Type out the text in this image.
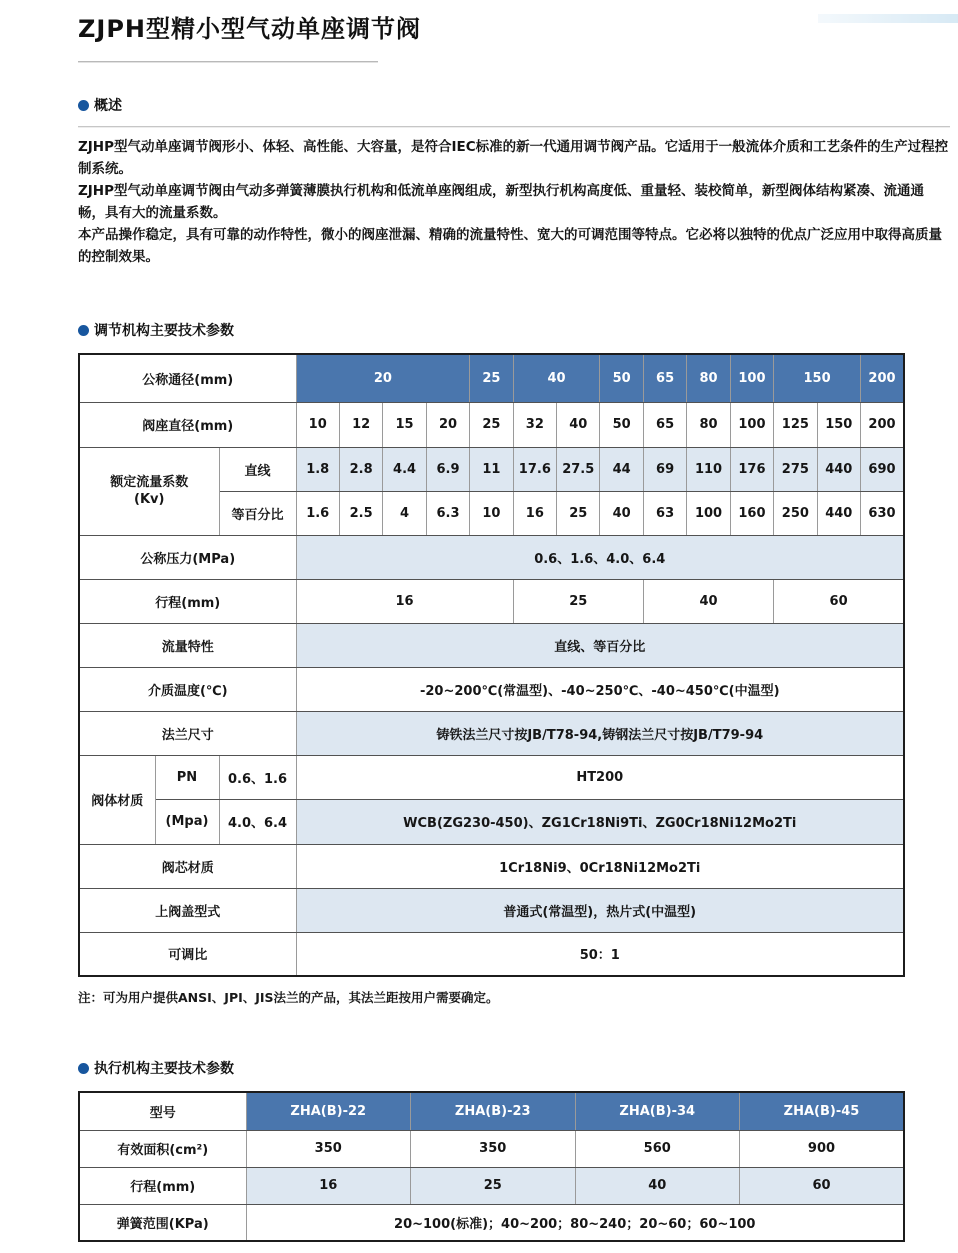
ZJPH型精小型气动单座调节阀
概述

ZJHP型气动单座调节阀形小、体轻、高性能、大容量，是符合IEC标准的新一代通用调节阀产品。它适用于一般流体介质和工艺条件的生产过程控制系统。

ZJHP型气动单座调节阀由气动多弹簧薄膜执行机构和低流单座阀组成，新型执行机构高度低、重量轻、装校简单，新型阀体结构紧凑、流通通畅，具有大的流量系数。

本产品操作稳定，具有可靠的动作特性，微小的阀座泄漏、精确的流量特性、宽大的可调范围等特点。它必将以独特的优点广泛应用中取得高质量的控制效果。

调节机构主要技术参数
公称通径(mm)			20				25	40		50	65	80	100	150		200
阀座直径(mm)			10	12	15	20	25	32	40	50	65	80	100	125	150	200

额定流量系数
(Kv)		直线	1.8	2.8	4.4	6.9	11	17.6	27.5	44	69	110	176	275	440	690
		等百分比	1.6	2.5	4	6.3	10	16	25	40	63	100	160	250	440	630
公称压力(MPa)			0.6、1.6、4.0、6.4													
行程(mm)			16					25			40			60		
流量特性			直线、等百分比													
介质温度(℃)			-20~200℃(常温型)、-40~250℃、-40~450℃(中温型)													
法兰尺寸			铸铁法兰尺寸按JB/T78-94,铸钢法兰尺寸按JB/T79-94													
阀体材质	PN	0.6、1.6	HT200													
	(Mpa)	4.0、6.4	WCB(ZG230-450)、ZG1Cr18Ni9Ti、ZG0Cr18Ni12Mo2Ti													
阀芯材质			1Cr18Ni9、0Cr18Ni12Mo2Ti													
上阀盖型式			普通式(常温型)，热片式(中温型)													
可调比			50：1													

注：可为用户提供ANSI、JPI、JIS法兰的产品，其法兰距按用户需要确定。

执行机构主要技术参数
型号	ZHA(B)-22	ZHA(B)-23	ZHA(B)-34	ZHA(B)-45
有效面积(cm²)	350	350	560	900
行程(mm)	16	25	40	60
弹簧范围(KPa)	20~100(标准)；40~200；80~240；20~60；60~100			
